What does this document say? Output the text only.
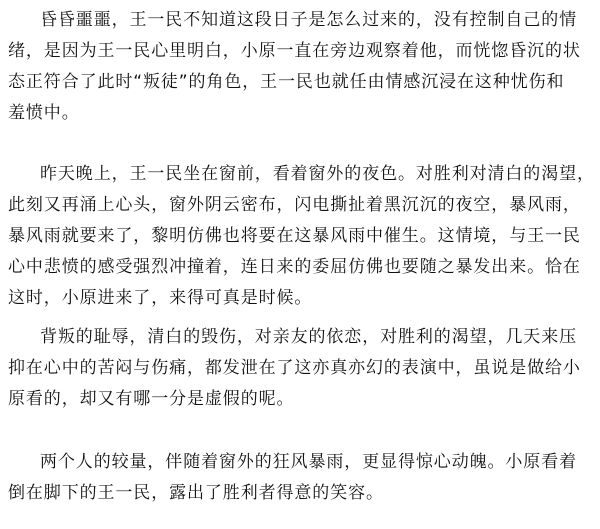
昏昏噩噩，王一民不知道这段日子是怎么过来的，没有控制自己的情
绪，是因为王一民心里明白，小原一直在旁边观察着他，而恍惚昏沉的状
态正符合了此时“叛徒”的角色，王一民也就任由情感沉浸在这种忧伤和
羞愤中。
昨天晚上，王一民坐在窗前，看着窗外的夜色。对胜利对清白的渴望，
此刻又再涌上心头，窗外阴云密布，闪电撕扯着黑沉沉的夜空，暴风雨，
暴风雨就要来了，黎明仿佛也将要在这暴风雨中催生。这情境，与王一民
心中悲愤的感受强烈冲撞着，连日来的委屈仿佛也要随之暴发出来。恰在
这时，小原进来了，来得可真是时候。
背叛的耻辱，清白的毁伤，对亲友的依恋，对胜利的渴望，几天来压
抑在心中的苦闷与伤痛，都发泄在了这亦真亦幻的表演中，虽说是做给小
原看的，却又有哪一分是虚假的呢。
两个人的较量，伴随着窗外的狂风暴雨，更显得惊心动魄。小原看着
倒在脚下的王一民，露出了胜利者得意的笑容。
